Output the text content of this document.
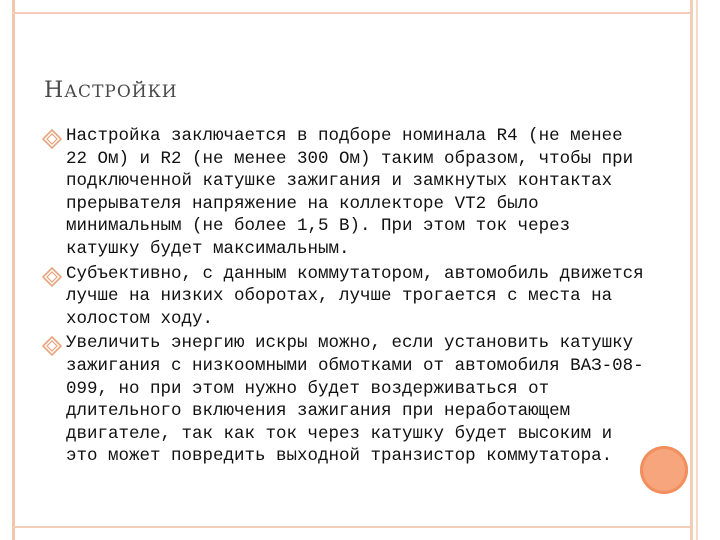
НАСТРОЙКИ
Настройка заключается в подборе номинала R4 (не менее 22 Ом) и R2 (не менее 300 Ом) таким образом, чтобы при подключенной катушке зажигания и замкнутых контактах прерывателя напряжение на коллекторе VT2 было минимальным (не более 1,5 В). При этом ток через катушку будет максимальным.
Субъективно, с данным коммутатором, автомобиль движется лучше на низких оборотах, лучше трогается с места на холостом ходу.
Увеличить энергию искры можно, если установить катушку зажигания с низкоомными обмотками от автомобиля ВАЗ-08-099, но при этом нужно будет воздерживаться от длительного включения зажигания при неработающем двигателе, так как ток через катушку будет высоким и это может повредить выходной транзистор коммутатора.
